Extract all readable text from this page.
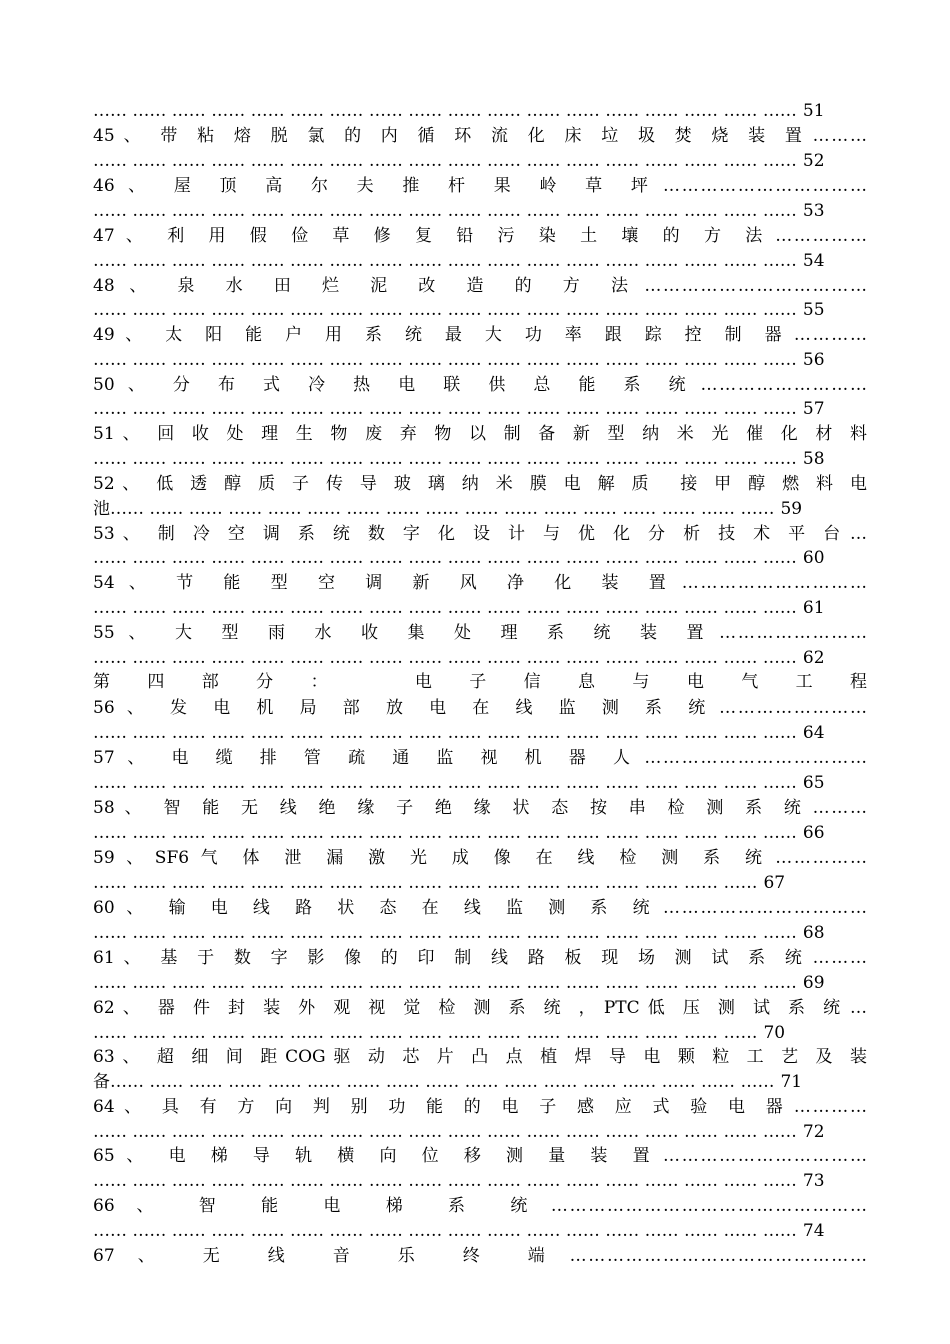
…… …… …… …… …… …… …… …… …… …… …… …… …… …… …… …… …… …… 51
45、 带 粘 熔 脱 氯 的 内 循 环 流 化 床 垃 圾 焚 烧 装 置 … … …
…… …… …… …… …… …… …… …… …… …… …… …… …… …… …… …… …… …… 52
46、 屋 顶 高 尔 夫 推 杆 果 岭 草 坪 … … … … … … … … … … …
…… …… …… …… …… …… …… …… …… …… …… …… …… …… …… …… …… …… 53
47、 利 用 假 俭 草 修 复 铅 污 染 土 壤 的 方 法 … … … … …
…… …… …… …… …… …… …… …… …… …… …… …… …… …… …… …… …… …… 54
48、 泉 水 田 烂 泥 改 造 的 方 法 … … … … … … … … … … … …
…… …… …… …… …… …… …… …… …… …… …… …… …… …… …… …… …… …… 55
49、 太 阳 能 户 用 系 统 最 大 功 率 跟 踪 控 制 器 … … … …
…… …… …… …… …… …… …… …… …… …… …… …… …… …… …… …… …… …… 56
50、 分 布 式 冷 热 电 联 供 总 能 系 统 … … … … … … … … …
…… …… …… …… …… …… …… …… …… …… …… …… …… …… …… …… …… …… 57
51、 回 收 处 理 生 物 废 弃 物 以 制 备 新 型 纳 米 光 催 化 材 料
…… …… …… …… …… …… …… …… …… …… …… …… …… …… …… …… …… …… 58
52、 低 透 醇 质 子 传 导 玻 璃 纳 米 膜 电 解 质   接 甲 醇 燃 料 电
池…… …… …… …… …… …… …… …… …… …… …… …… …… …… …… …… …… 59
53、 制 冷 空 调 系 统 数 字 化 设 计 与 优 化 分 析 技 术 平 台 …
…… …… …… …… …… …… …… …… …… …… …… …… …… …… …… …… …… …… 60
54、 节 能 型 空 调 新 风 净 化 装 置 … … … … … … … … … …
…… …… …… …… …… …… …… …… …… …… …… …… …… …… …… …… …… …… 61
55、 大 型 雨 水 收 集 处 理 系 统 装 置 … … … … … … … …
…… …… …… …… …… …… …… …… …… …… …… …… …… …… …… …… …… …… 62
第 四 部 分 ：     电 子 信 息 与 电 气 工 程
56、 发 电 机 局 部 放 电 在 线 监 测 系 统 … … … … … … … …
…… …… …… …… …… …… …… …… …… …… …… …… …… …… …… …… …… …… 64
57、 电 缆 排 管 疏 通 监 视 机 器 人 … … … … … … … … … … … …
…… …… …… …… …… …… …… …… …… …… …… …… …… …… …… …… …… …… 65
58、 智 能 无 线 绝 缘 子 绝 缘 状 态 按 串 检 测 系 统 … … …
…… …… …… …… …… …… …… …… …… …… …… …… …… …… …… …… …… …… 66
59、SF6气 体 泄 漏 激 光 成 像 在 线 检 测 系 统 … … … … …
…… …… …… …… …… …… …… …… …… …… …… …… …… …… …… …… …… 67
60、 输 电 线 路 状 态 在 线 监 测 系 统 … … … … … … … … … … …
…… …… …… …… …… …… …… …… …… …… …… …… …… …… …… …… …… …… 68
61、 基 于 数 字 影 像 的 印 制 线 路 板 现 场 测 试 系 统 … … …
…… …… …… …… …… …… …… …… …… …… …… …… …… …… …… …… …… …… 69
62、 器 件 封 装 外 观 视 觉 检 测 系 统 ，PTC低 压 测 试 系 统 …
…… …… …… …… …… …… …… …… …… …… …… …… …… …… …… …… …… 70
63、 超 细 间 距COG驱 动 芯 片 凸 点 植 焊 导 电 颗 粒 工 艺 及 装
备…… …… …… …… …… …… …… …… …… …… …… …… …… …… …… …… …… 71
64、 具 有 方 向 判 别 功 能 的 电 子 感 应 式 验 电 器 … … … …
…… …… …… …… …… …… …… …… …… …… …… …… …… …… …… …… …… …… 72
65、 电 梯 导 轨 横 向 位 移 测 量 装 置 … … … … … … … … … … …
…… …… …… …… …… …… …… …… …… …… …… …… …… …… …… …… …… …… 73
66、 智 能 电 梯 系 统 … … … … … … … … … … … … … … … … …
…… …… …… …… …… …… …… …… …… …… …… …… …… …… …… …… …… …… 74
67、 无 线 音 乐 终 端 … … … … … … … … … … … … … … … …
